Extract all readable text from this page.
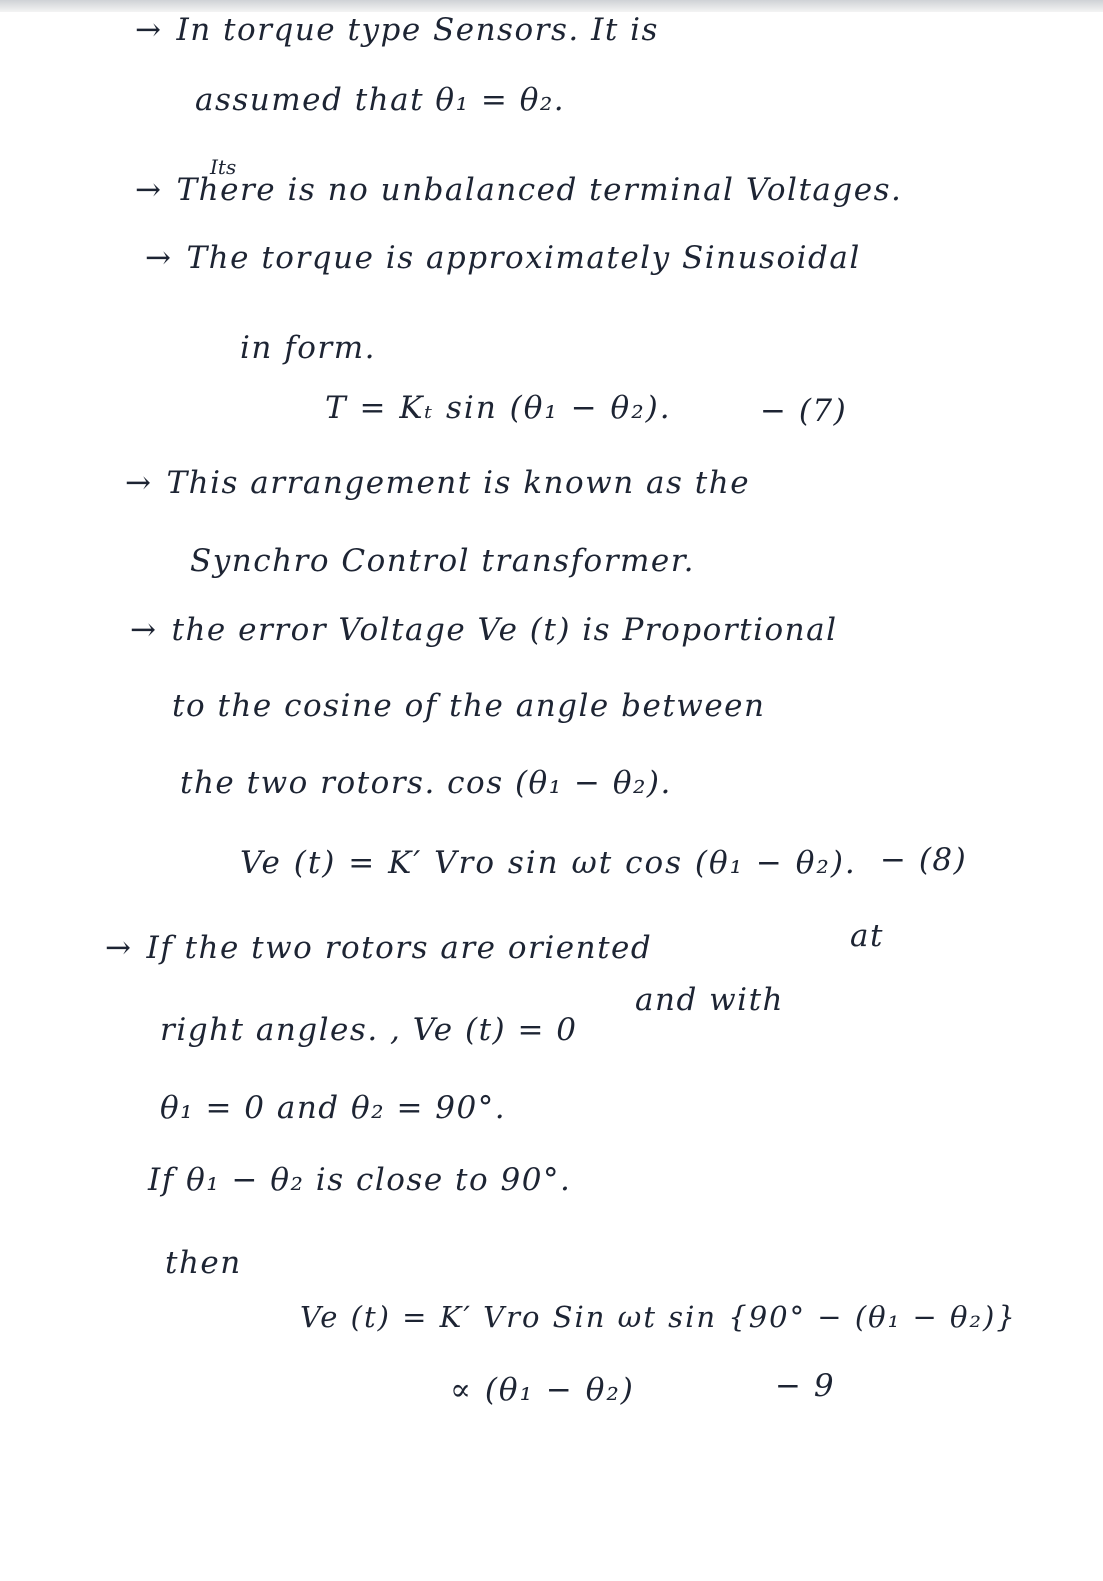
→ In torque type Sensors. It is
assumed that θ₁ = θ₂.
Its
→ There is no unbalanced terminal Voltages.
→ The torque is approximately Sinusoidal
in form.
T = Kₜ sin (θ₁ − θ₂).	− (7)
→ This arrangement is known as the
Synchro Control transformer.
→ the error Voltage Ve (t) is Proportional
to the cosine of the angle between
the two rotors. cos (θ₁ − θ₂).
Ve (t) = K′ Vro sin ωt cos (θ₁ − θ₂). − (8)
→ If the two rotors are oriented	at
right angles. , Ve (t) = 0
and with
θ₁ = 0 and θ₂ = 90°.
If θ₁ − θ₂ is close to 90°.
then
Ve (t) = K′ Vro Sin ωt sin {90° − (θ₁ − θ₂)}
∝ (θ₁ − θ₂)	− 9
